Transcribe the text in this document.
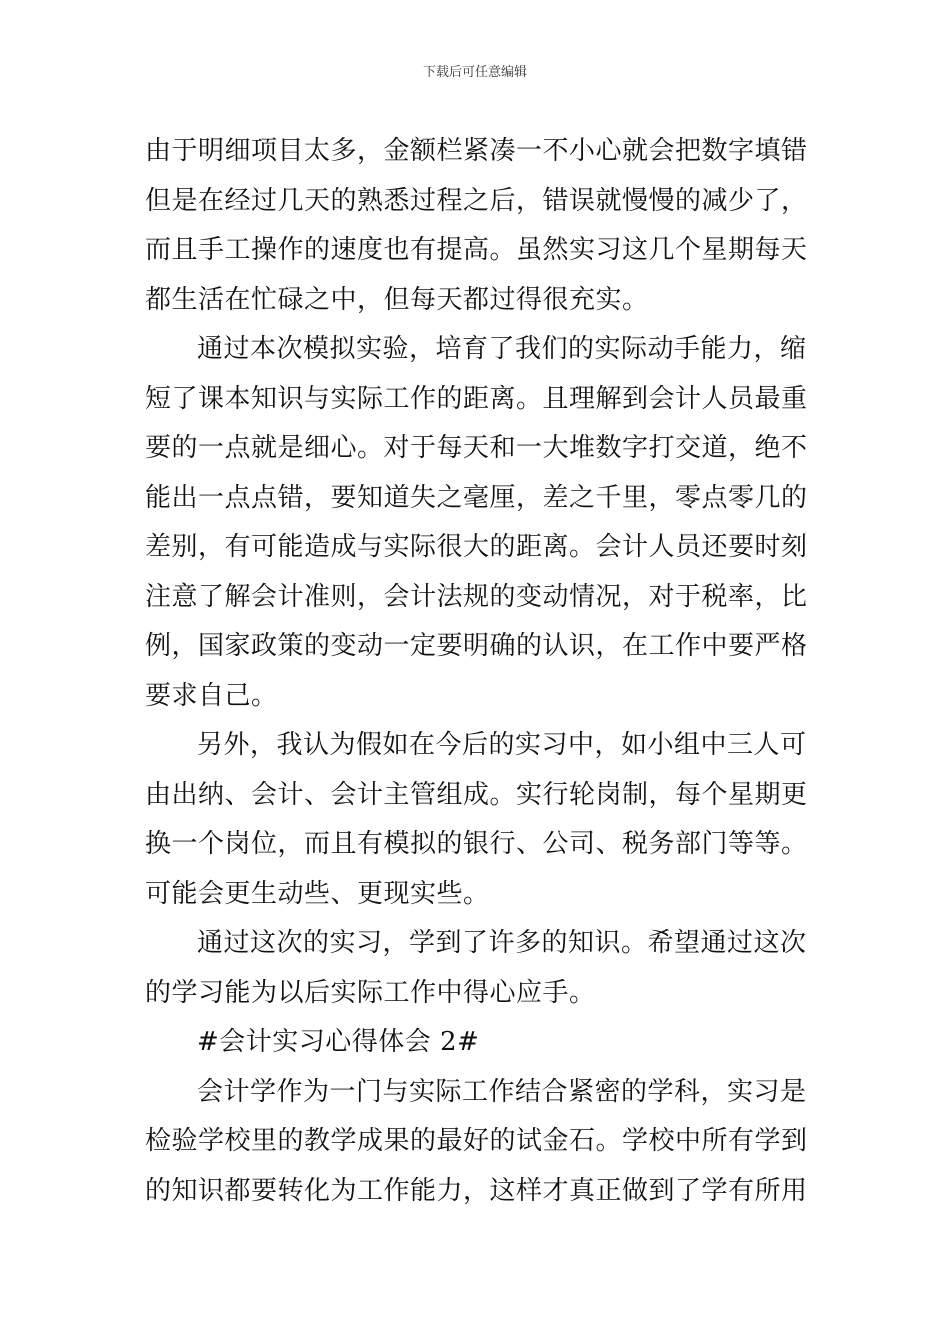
下载后可任意编辑
由于明细项目太多，金额栏紧凑一不小心就会把数字填错
但是在经过几天的熟悉过程之后，错误就慢慢的减少了，
而且手工操作的速度也有提高。虽然实习这几个星期每天
都生活在忙碌之中，但每天都过得很充实。
通过本次模拟实验，培育了我们的实际动手能力，缩
短了课本知识与实际工作的距离。且理解到会计人员最重
要的一点就是细心。对于每天和一大堆数字打交道，绝不
能出一点点错，要知道失之毫厘，差之千里，零点零几的
差别，有可能造成与实际很大的距离。会计人员还要时刻
注意了解会计准则，会计法规的变动情况，对于税率，比
例，国家政策的变动一定要明确的认识，在工作中要严格
要求自己。
另外，我认为假如在今后的实习中，如小组中三人可
由出纳、会计、会计主管组成。实行轮岗制，每个星期更
换一个岗位，而且有模拟的银行、公司、税务部门等等。
可能会更生动些、更现实些。
通过这次的实习，学到了许多的知识。希望通过这次
的学习能为以后实际工作中得心应手。
#会计实习心得体会 2#
会计学作为一门与实际工作结合紧密的学科，实习是
检验学校里的教学成果的最好的试金石。学校中所有学到
的知识都要转化为工作能力，这样才真正做到了学有所用
